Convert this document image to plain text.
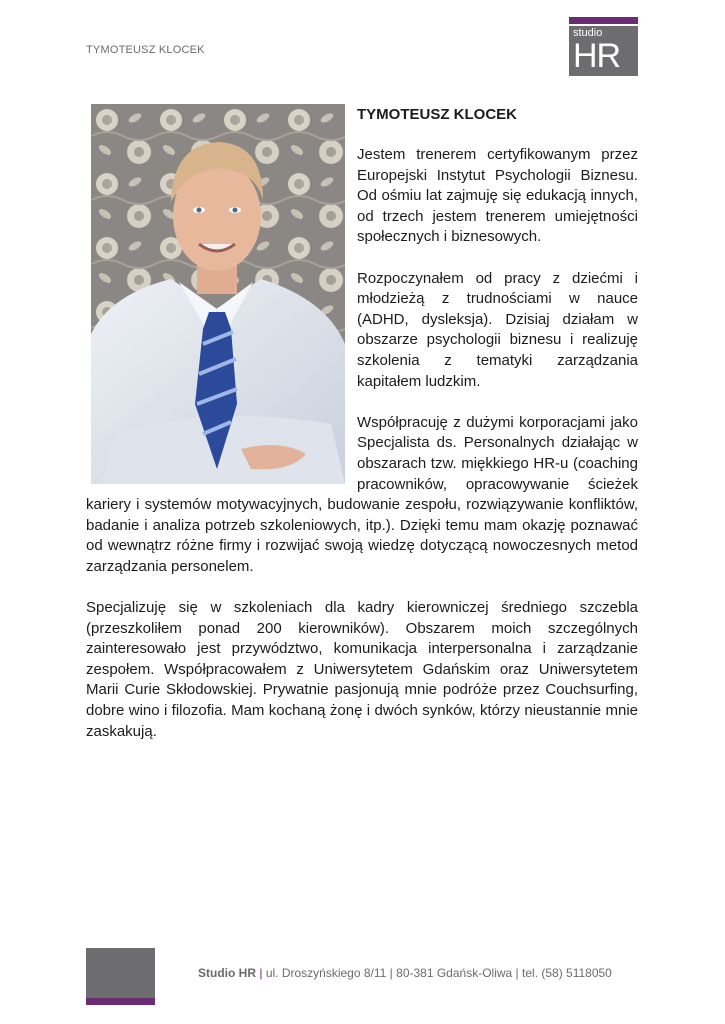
TYMOTEUSZ KLOCEK
studio
HR
TYMOTEUSZ KLOCEK

Jestem trenerem certyfikowanym przez Europejski Instytut Psychologii Biznesu. Od ośmiu lat zajmuję się edukacją innych, od trzech jestem trenerem umiejętności społecznych i biznesowych.

Rozpoczynałem od pracy z dziećmi i młodzieżą z trudnościami w nauce (ADHD, dysleksja). Dzisiaj działam w obszarze psychologii biznesu i realizuję szkolenia z tematyki zarządzania kapitałem ludzkim.

Współpracuję z dużymi korporacjami jako Specjalista ds. Personalnych działając w obszarach tzw. miękkiego HR-u (coaching pracowników, opracowywanie ścieżek kariery i systemów motywacyjnych, budowanie zespołu, rozwiązywanie konfliktów, badanie i analiza potrzeb szkoleniowych, itp.). Dzięki temu mam okazję poznawać od wewnątrz różne firmy i rozwijać swoją wiedzę dotyczącą nowoczesnych metod zarządzania personelem.

Specjalizuję się w szkoleniach dla kadry kierowniczej średniego szczebla (przeszkoliłem ponad 200 kierowników). Obszarem moich szczególnych zainteresowało jest przywództwo, komunikacja interpersonalna i zarządzanie zespołem. Współpracowałem z Uniwersytetem Gdańskim oraz Uniwersytetem Marii Curie Skłodowskiej. Prywatnie pasjonują mnie podróże przez Couchsurfing, dobre wino i filozofia. Mam kochaną żonę i dwóch synków, którzy nieustannie mnie zaskakują.

Studio HR | ul. Droszyńskiego 8/11 | 80-381 Gdańsk-Oliwa | tel. (58) 5118050
